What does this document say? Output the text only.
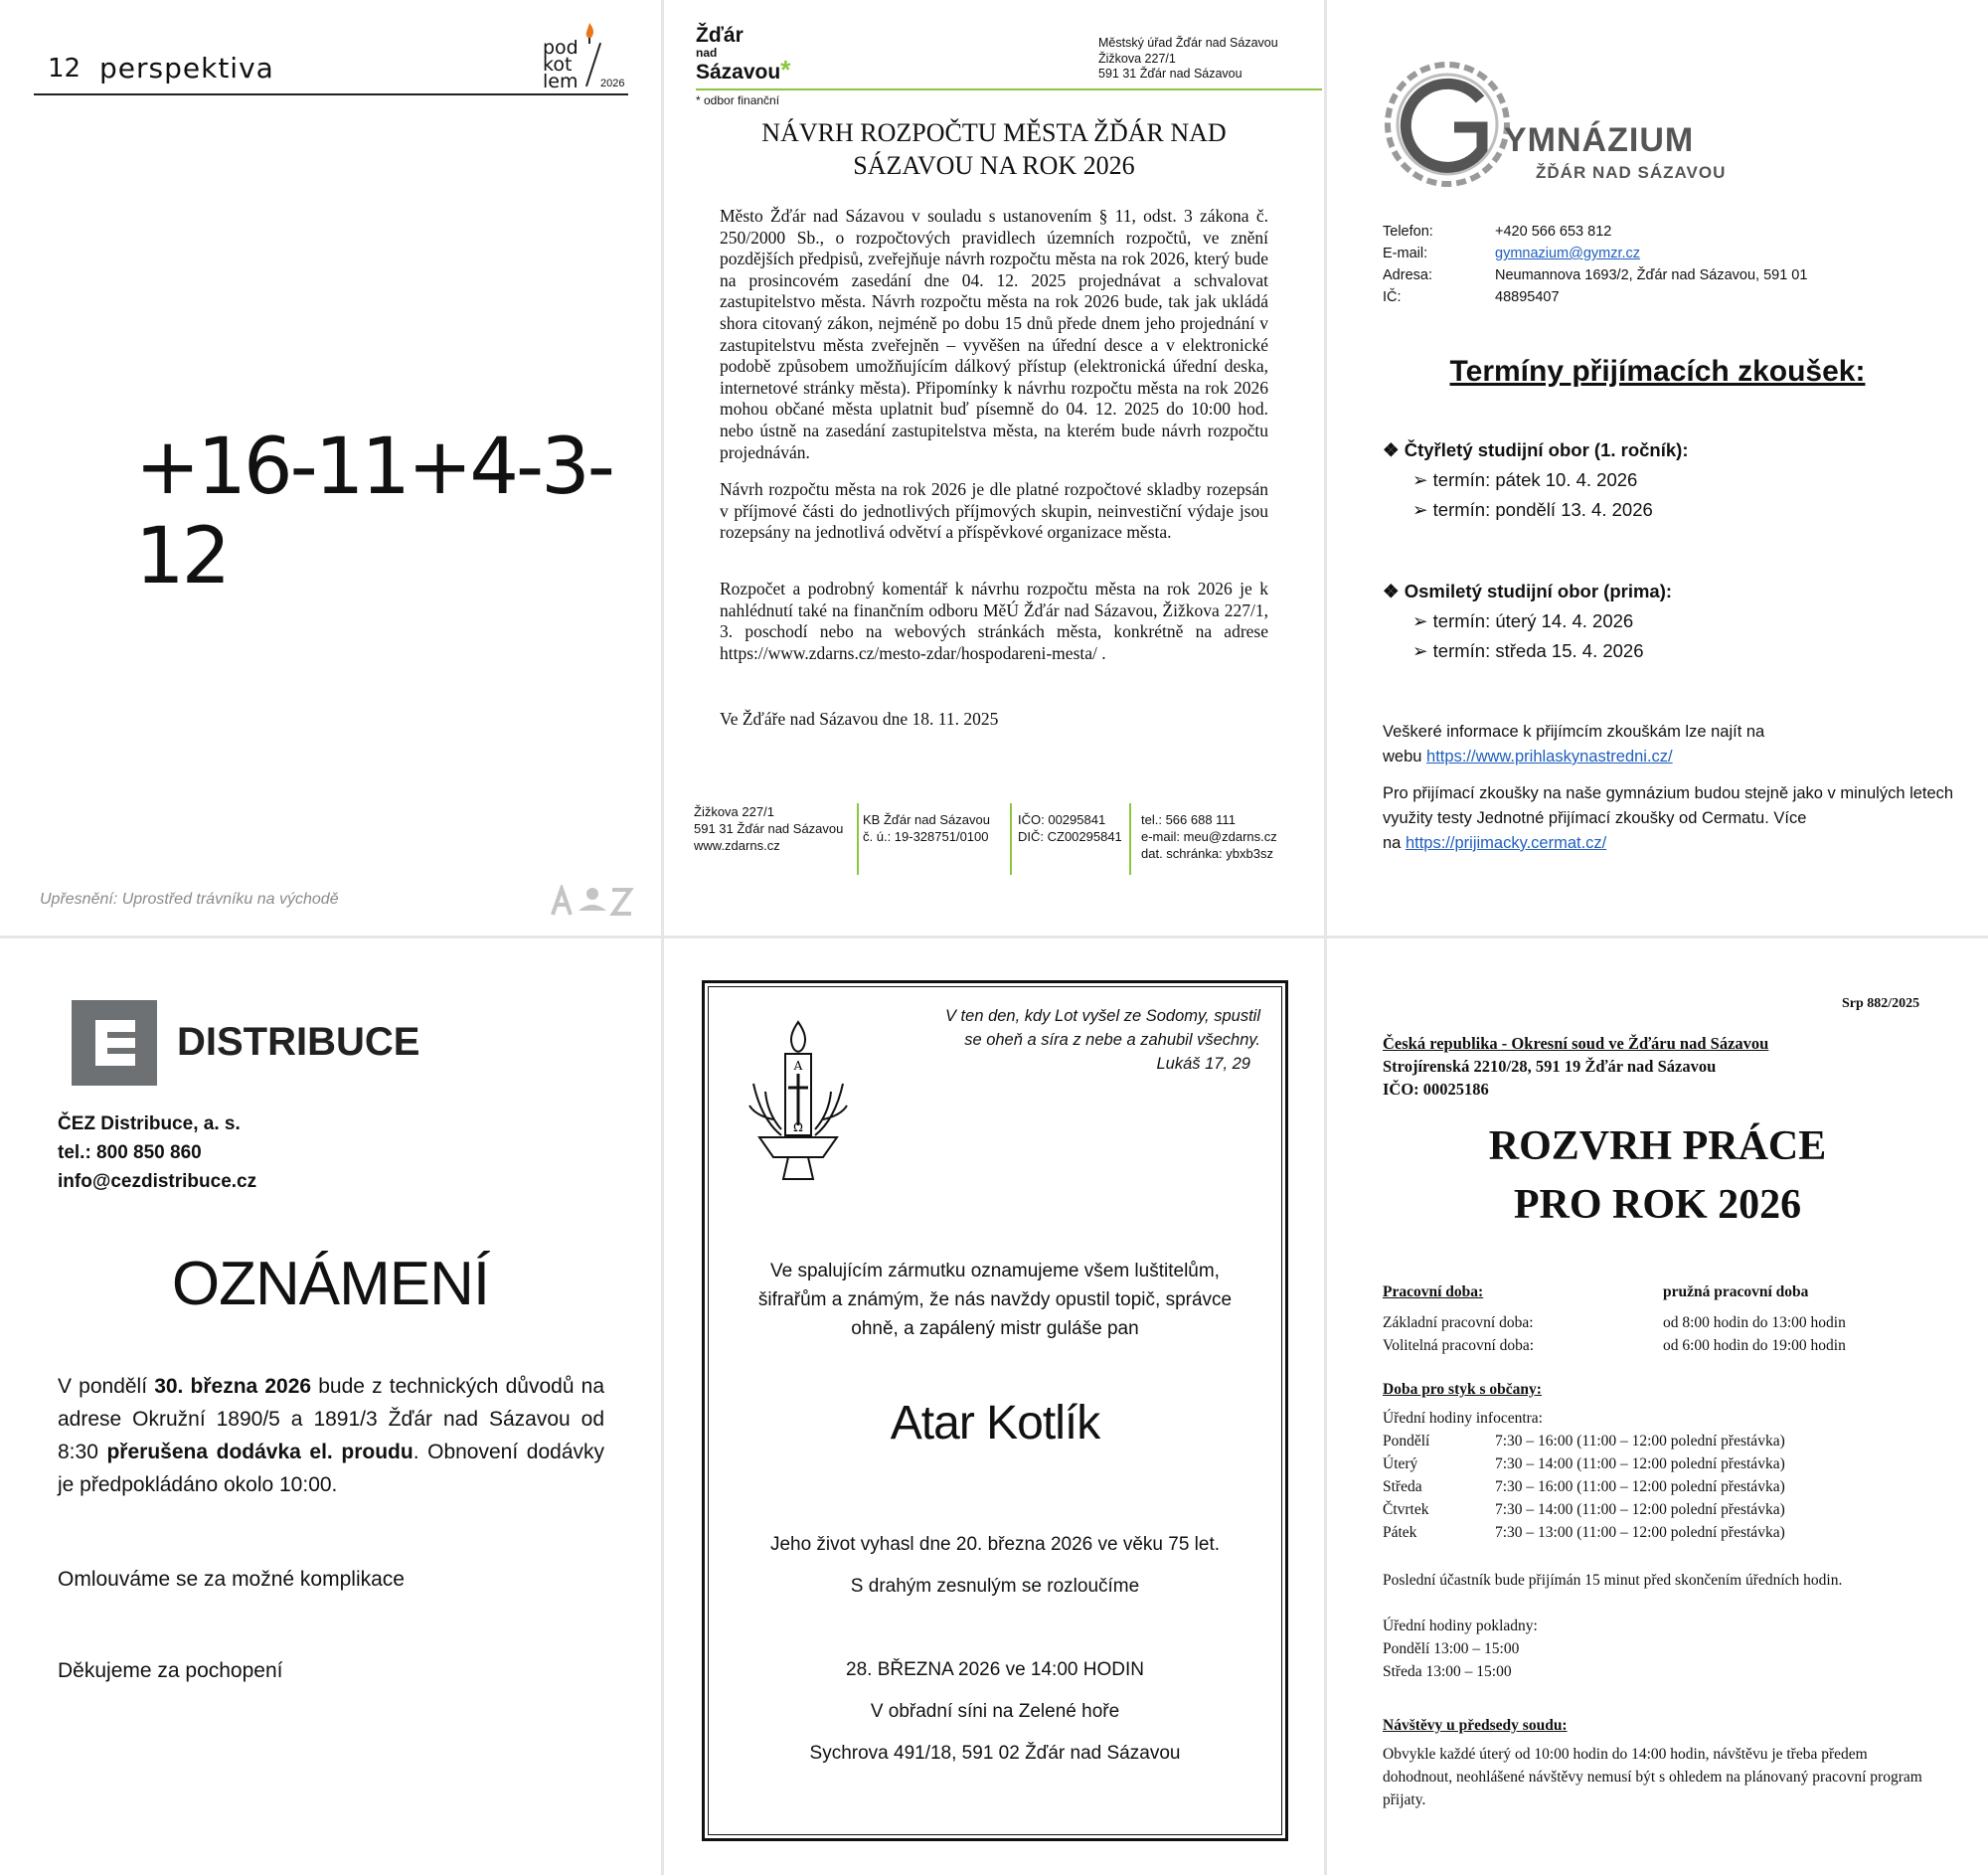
12 perspektiva
pod
kot
lem 2026
+16-11+4-3-12
Upřesnění: Uprostřed trávníku na východě
Žďár
nad
Sázavou*
* odbor finanční
Městský úřad Žďár nad Sázavou
Žižkova 227/1
591 31 Žďár nad Sázavou
NÁVRH ROZPOČTU MĚSTA ŽĎÁR NAD
SÁZAVOU NA ROK 2026
Město Žďár nad Sázavou v souladu s ustanovením § 11, odst. 3 zákona č. 250/2000 Sb., o rozpočtových pravidlech územních rozpočtů, ve znění pozdějších předpisů, zveřejňuje návrh rozpočtu města na rok 2026, který bude na prosincovém zasedání dne 04. 12. 2025 projednávat a schvalovat zastupitelstvo města. Návrh rozpočtu města na rok 2026 bude, tak jak ukládá shora citovaný zákon, nejméně po dobu 15 dnů přede dnem jeho projednání v zastupitelstvu města zveřejněn – vyvěšen na úřední desce a v elektronické podobě způsobem umožňujícím dálkový přístup (elektronická úřední deska, internetové stránky města). Připomínky k návrhu rozpočtu města na rok 2026 mohou občané města uplatnit buď písemně do 04. 12. 2025 do 10:00 hod. nebo ústně na zasedání zastupitelstva města, na kterém bude návrh rozpočtu projednáván.
Návrh rozpočtu města na rok 2026 je dle platné rozpočtové skladby rozepsán v příjmové části do jednotlivých příjmových skupin, neinvestiční výdaje jsou rozepsány na jednotlivá odvětví a příspěvkové organizace města.
Rozpočet a podrobný komentář k návrhu rozpočtu města na rok 2026 je k nahlédnutí také na finančním odboru MěÚ Žďár nad Sázavou, Žižkova 227/1, 3. poschodí nebo na webových stránkách města, konkrétně na adrese https://www.zdarns.cz/mesto-zdar/hospodareni-mesta/ .
Ve Žďáře nad Sázavou dne 18. 11. 2025
Žižkova 227/1
591 31 Žďár nad Sázavou
www.zdarns.cz
KB Žďár nad Sázavou
č. ú.: 19-328751/0100
IČO: 00295841
DIČ: CZ00295841
tel.: 566 688 111
e-mail: meu@zdarns.cz
dat. schránka: ybxb3sz
YMNÁZIUM
ŽĎÁR NAD SÁZAVOU
Telefon:	+420 566 653 812
E-mail:	gymnazium@gymzr.cz
Adresa:	Neumannova 1693/2, Žďár nad Sázavou, 591 01
IČ:	48895407
Termíny přijímacích zkoušek:
❖ Čtyřletý studijní obor (1. ročník):
➢ termín: pátek 10. 4. 2026
➢ termín: pondělí 13. 4. 2026
❖ Osmiletý studijní obor (prima):
➢ termín: úterý 14. 4. 2026
➢ termín: středa 15. 4. 2026
Veškeré informace k přijímcím zkouškám lze najít na
webu https://www.prihlaskynastredni.cz/
Pro přijímací zkoušky na naše gymnázium budou stejně jako v minulých letech využity testy Jednotné přijímací zkoušky od Cermatu. Více
na https://prijimacky.cermat.cz/
DISTRIBUCE
ČEZ Distribuce, a. s.
tel.: 800 850 860
info@cezdistribuce.cz
OZNÁMENÍ
V pondělí 30. března 2026 bude z technických důvodů na adrese Okružní 1890/5 a 1891/3 Žďár nad Sázavou od 8:30 přerušena dodávka el. proudu. Obnovení dodávky je předpokládáno okolo 10:00.
Omlouváme se za možné komplikace
Děkujeme za pochopení
Α
Ω
V ten den, kdy Lot vyšel ze Sodomy, spustil
se oheň a síra z nebe a zahubil všechny.
Lukáš 17, 29
Ve spalujícím zármutku oznamujeme všem luštitelům,
šifrařům a známým, že nás navždy opustil topič, správce
ohně, a zapálený mistr guláše pan
Atar Kotlík
Jeho život vyhasl dne 20. března 2026 ve věku 75 let.
S drahým zesnulým se rozloučíme
28. BŘEZNA 2026 ve 14:00 HODIN
V obřadní síni na Zelené hoře
Sychrova 491/18, 591 02 Žďár nad Sázavou
Srp 882/2025
Česká republika - Okresní soud ve Žďáru nad Sázavou
Strojírenská 2210/28, 591 19 Žďár nad Sázavou
IČO: 00025186
ROZVRH PRÁCE
PRO ROK 2026
Pracovní doba:	pružná pracovní doba
Základní pracovní doba:	od 8:00 hodin do 13:00 hodin
Volitelná pracovní doba:	od 6:00 hodin do 19:00 hodin
Doba pro styk s občany:
Úřední hodiny infocentra:
Pondělí	7:30 – 16:00 (11:00 – 12:00 polední přestávka)
Úterý	7:30 – 14:00 (11:00 – 12:00 polední přestávka)
Středa	7:30 – 16:00 (11:00 – 12:00 polední přestávka)
Čtvrtek	7:30 – 14:00 (11:00 – 12:00 polední přestávka)
Pátek	7:30 – 13:00 (11:00 – 12:00 polední přestávka)
Poslední účastník bude přijímán 15 minut před skončením úředních hodin.
Úřední hodiny pokladny:
Pondělí 13:00 – 15:00
Středa 13:00 – 15:00
Návštěvy u předsedy soudu:
Obvykle každé úterý od 10:00 hodin do 14:00 hodin, návštěvu je třeba předem dohodnout, neohlášené návštěvy nemusí být s ohledem na plánovaný pracovní program přijaty.
